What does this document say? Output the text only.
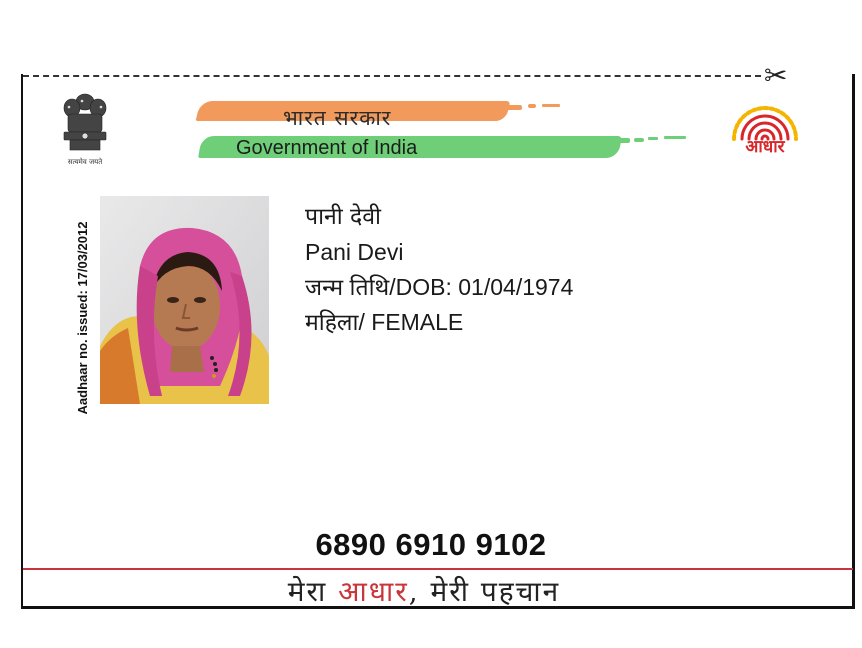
✂
सत्यमेव जयते
भारत सरकार
Government of India	आधार
Aadhaar no. issued: 17/03/2012
पानी देवी
Pani Devi
जन्म तिथि/DOB: 01/04/1974
महिला/ FEMALE
6890 6910 9102
मेरा आधार, मेरी पहचान
